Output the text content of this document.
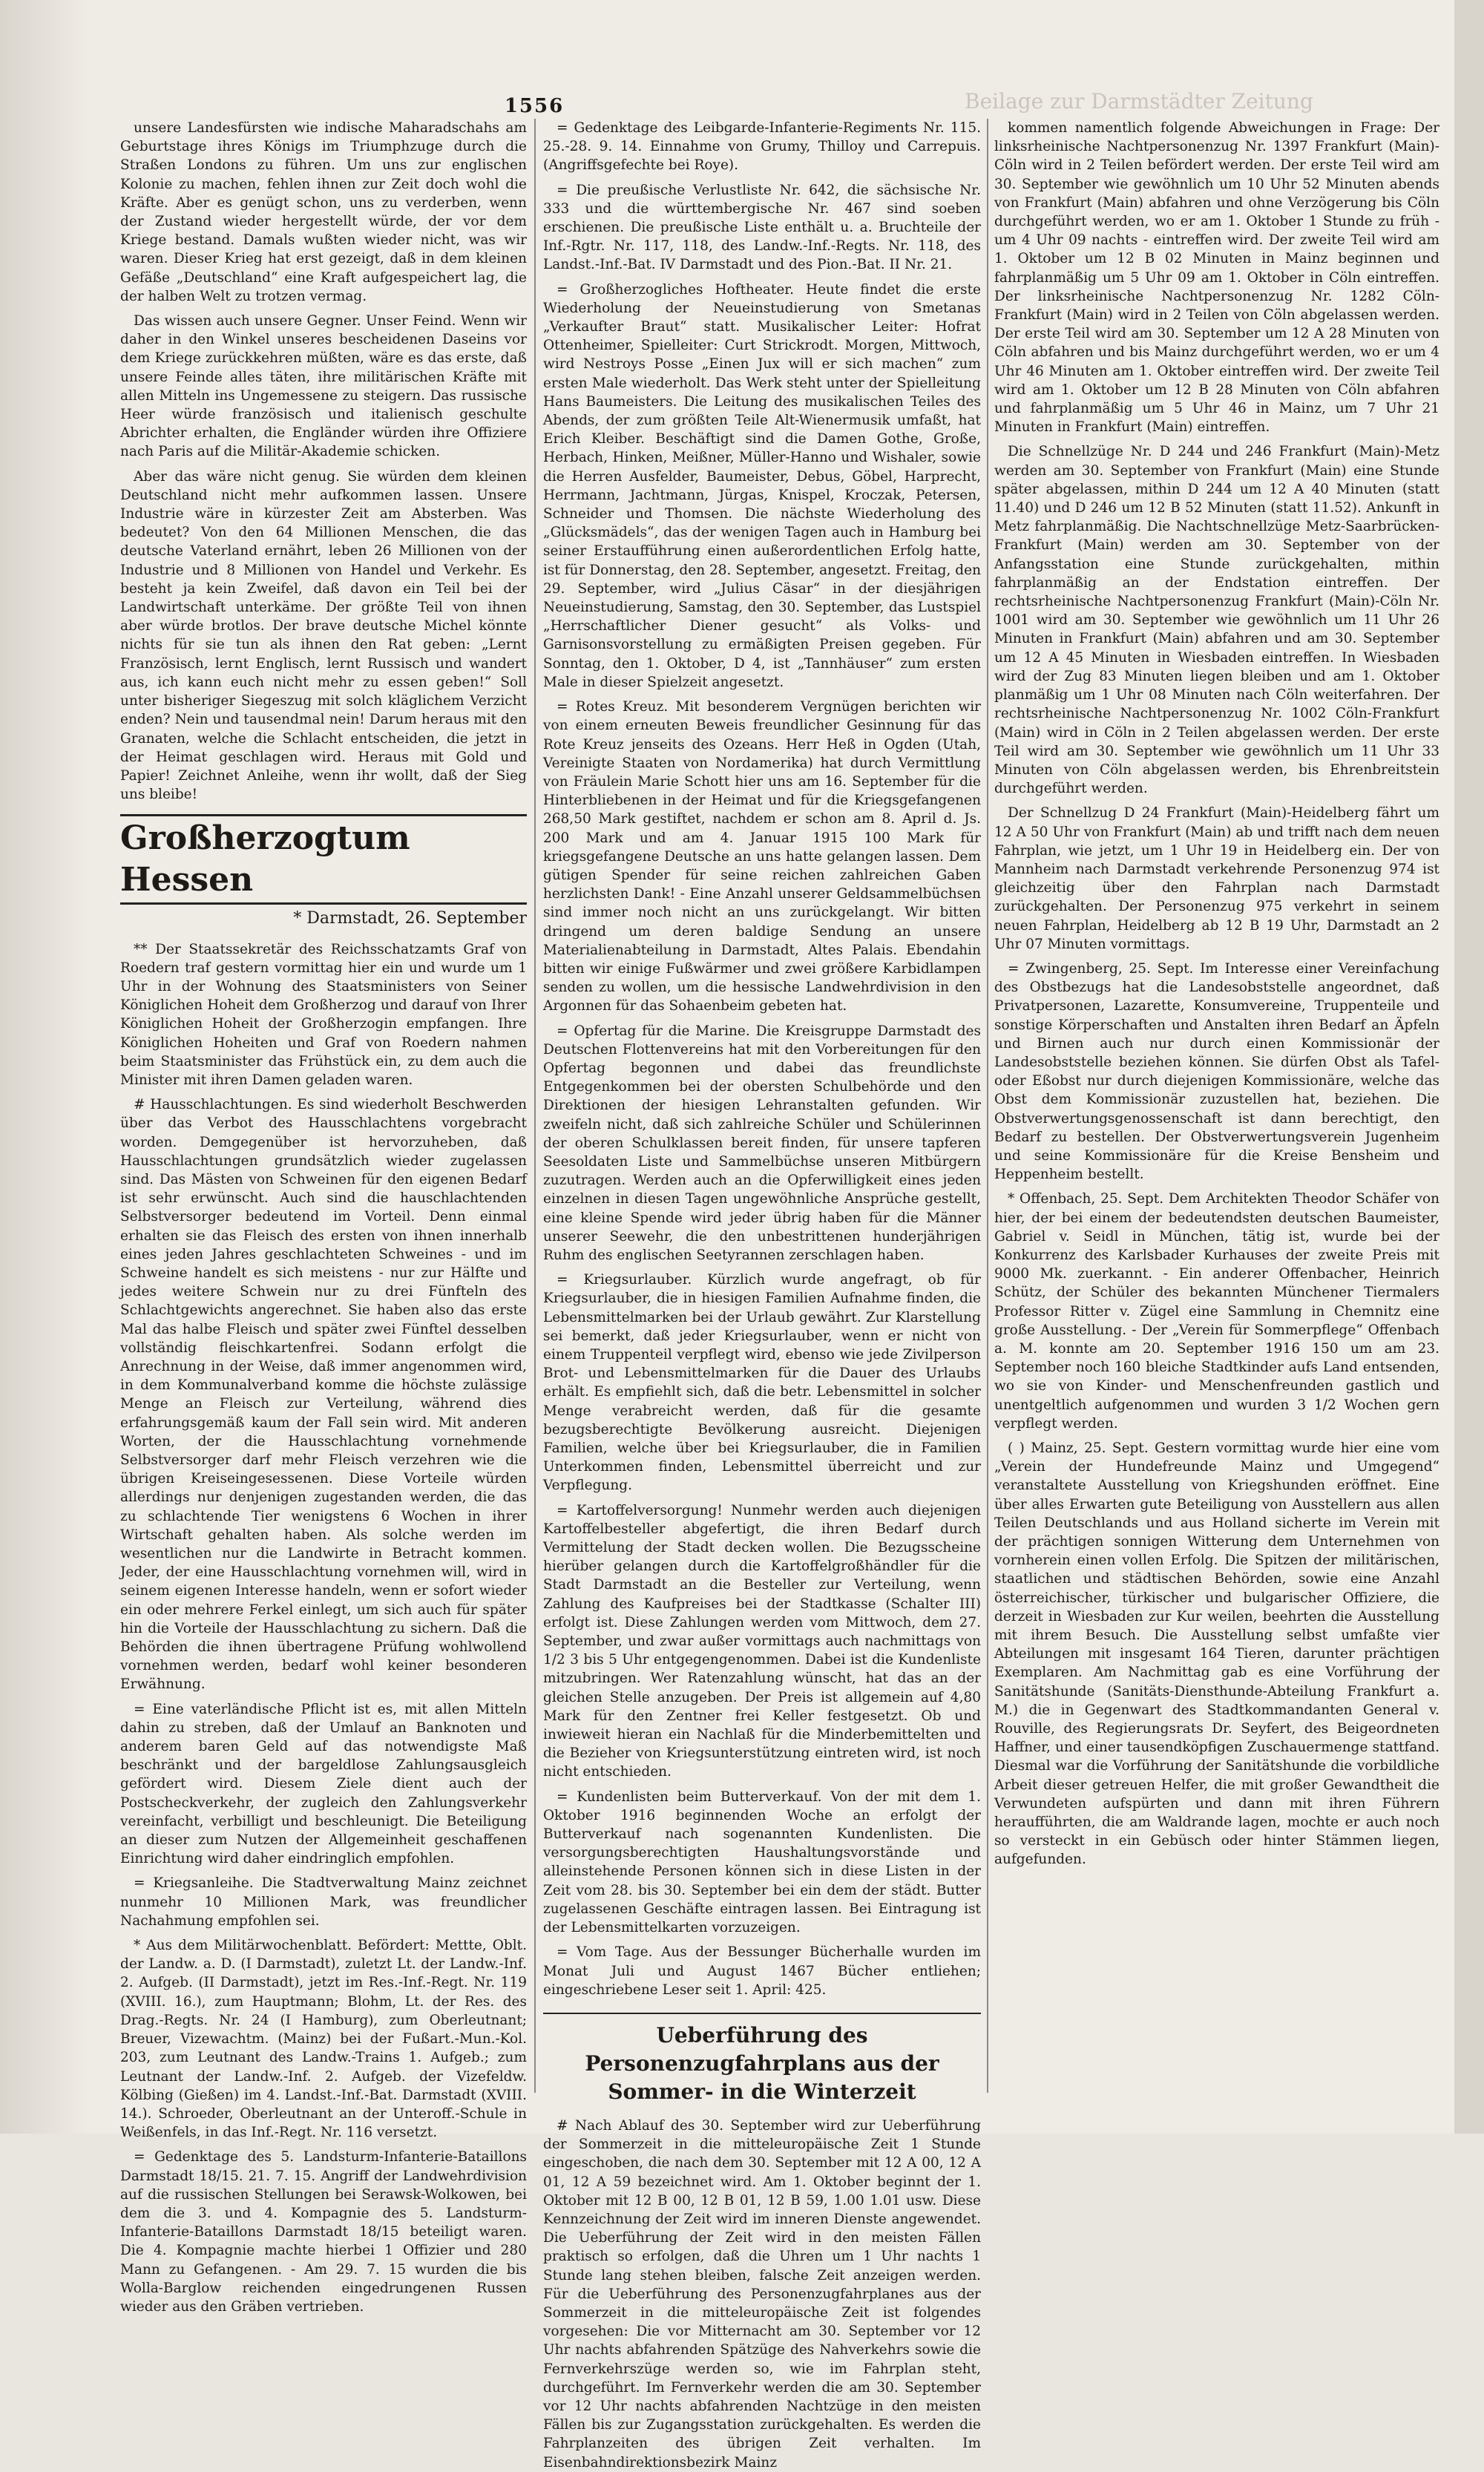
Beilage zur Darmstädter Zeitung
1556

unsere Landesfürsten wie indische Maharadschahs am Geburtstage ihres Königs im Triumphzuge durch die Straßen Londons zu führen. Um uns zur englischen Kolonie zu machen, fehlen ihnen zur Zeit doch wohl die Kräfte. Aber es genügt schon, uns zu verderben, wenn der Zustand wieder hergestellt würde, der vor dem Kriege bestand. Damals wußten wieder nicht, was wir waren. Dieser Krieg hat erst gezeigt, daß in dem kleinen Gefäße „Deutschland“ eine Kraft aufgespeichert lag, die der halben Welt zu trotzen vermag.

Das wissen auch unsere Gegner. Unser Feind. Wenn wir daher in den Winkel unseres bescheidenen Daseins vor dem Kriege zurückkehren müßten, wäre es das erste, daß unsere Feinde alles täten, ihre militärischen Kräfte mit allen Mitteln ins Ungemessene zu steigern. Das russische Heer würde französisch und italienisch geschulte Abrichter erhalten, die Engländer würden ihre Offiziere nach Paris auf die Militär-Akademie schicken.

Aber das wäre nicht genug. Sie würden dem kleinen Deutschland nicht mehr aufkommen lassen. Unsere Industrie wäre in kürzester Zeit am Absterben. Was bedeutet? Von den 64 Millionen Menschen, die das deutsche Vaterland ernährt, leben 26 Millionen von der Industrie und 8 Millionen von Handel und Verkehr. Es besteht ja kein Zweifel, daß davon ein Teil bei der Landwirtschaft unterkäme. Der größte Teil von ihnen aber würde brotlos. Der brave deutsche Michel könnte nichts für sie tun als ihnen den Rat geben: „Lernt Französisch, lernt Englisch, lernt Russisch und wandert aus, ich kann euch nicht mehr zu essen geben!“ Soll unter bisheriger Siegeszug mit solch kläglichem Verzicht enden? Nein und tausendmal nein! Darum heraus mit den Granaten, welche die Schlacht entscheiden, die jetzt in der Heimat geschlagen wird. Heraus mit Gold und Papier! Zeichnet Anleihe, wenn ihr wollt, daß der Sieg uns bleibe!

Großherzogtum Hessen
* Darmstadt, 26. September

** Der Staatssekretär des Reichsschatzamts Graf von Roedern traf gestern vormittag hier ein und wurde um 1 Uhr in der Wohnung des Staatsministers von Seiner Königlichen Hoheit dem Großherzog und darauf von Ihrer Königlichen Hoheit der Großherzogin empfangen. Ihre Königlichen Hoheiten und Graf von Roedern nahmen beim Staatsminister das Frühstück ein, zu dem auch die Minister mit ihren Damen geladen waren.

# Hausschlachtungen. Es sind wiederholt Beschwerden über das Verbot des Hausschlachtens vorgebracht worden. Demgegenüber ist hervorzuheben, daß Hausschlachtungen grundsätzlich wieder zugelassen sind. Das Mästen von Schweinen für den eigenen Bedarf ist sehr erwünscht. Auch sind die hauschlachtenden Selbstversorger bedeutend im Vorteil. Denn einmal erhalten sie das Fleisch des ersten von ihnen innerhalb eines jeden Jahres geschlachteten Schweines - und im Schweine handelt es sich meistens - nur zur Hälfte und jedes weitere Schwein nur zu drei Fünfteln des Schlachtgewichts angerechnet. Sie haben also das erste Mal das halbe Fleisch und später zwei Fünftel desselben vollständig fleischkartenfrei. Sodann erfolgt die Anrechnung in der Weise, daß immer angenommen wird, in dem Kommunalverband komme die höchste zulässige Menge an Fleisch zur Verteilung, während dies erfahrungsgemäß kaum der Fall sein wird. Mit anderen Worten, der die Hausschlachtung vornehmende Selbstversorger darf mehr Fleisch verzehren wie die übrigen Kreiseingesessenen. Diese Vorteile würden allerdings nur denjenigen zugestanden werden, die das zu schlachtende Tier wenigstens 6 Wochen in ihrer Wirtschaft gehalten haben. Als solche werden im wesentlichen nur die Landwirte in Betracht kommen. Jeder, der eine Hausschlachtung vornehmen will, wird in seinem eigenen Interesse handeln, wenn er sofort wieder ein oder mehrere Ferkel einlegt, um sich auch für später hin die Vorteile der Hausschlachtung zu sichern. Daß die Behörden die ihnen übertragene Prüfung wohlwollend vornehmen werden, bedarf wohl keiner besonderen Erwähnung.

= Eine vaterländische Pflicht ist es, mit allen Mitteln dahin zu streben, daß der Umlauf an Banknoten und anderem baren Geld auf das notwendigste Maß beschränkt und der bargeldlose Zahlungsausgleich gefördert wird. Diesem Ziele dient auch der Postscheckverkehr, der zugleich den Zahlungsverkehr vereinfacht, verbilligt und beschleunigt. Die Beteiligung an dieser zum Nutzen der Allgemeinheit geschaffenen Einrichtung wird daher eindringlich empfohlen.

= Kriegsanleihe. Die Stadtverwaltung Mainz zeichnet nunmehr 10 Millionen Mark, was freundlicher Nachahmung empfohlen sei.

* Aus dem Militärwochenblatt. Befördert: Mettte, Oblt. der Landw. a. D. (I Darmstadt), zuletzt Lt. der Landw.-Inf. 2. Aufgeb. (II Darmstadt), jetzt im Res.-Inf.-Regt. Nr. 119 (XVIII. 16.), zum Hauptmann; Blohm, Lt. der Res. des Drag.-Regts. Nr. 24 (I Hamburg), zum Oberleutnant; Breuer, Vizewachtm. (Mainz) bei der Fußart.-Mun.-Kol. 203, zum Leutnant des Landw.-Trains 1. Aufgeb.; zum Leutnant der Landw.-Inf. 2. Aufgeb. der Vizefeldw. Kölbing (Gießen) im 4. Landst.-Inf.-Bat. Darmstadt (XVIII. 14.). Schroeder, Oberleutnant an der Unteroff.-Schule in Weißenfels, in das Inf.-Regt. Nr. 116 versetzt.

= Gedenktage des 5. Landsturm-Infanterie-Bataillons Darmstadt 18/15. 21. 7. 15. Angriff der Landwehrdivision auf die russischen Stellungen bei Serawsk-Wolkowen, bei dem die 3. und 4. Kompagnie des 5. Landsturm-Infanterie-Bataillons Darmstadt 18/15 beteiligt waren. Die 4. Kompagnie machte hierbei 1 Offizier und 280 Mann zu Gefangenen. - Am 29. 7. 15 wurden die bis Wolla-Barglow reichenden eingedrungenen Russen wieder aus den Gräben vertrieben.

= Gedenktage des Leibgarde-Infanterie-Regiments Nr. 115. 25.-28. 9. 14. Einnahme von Grumy, Thilloy und Carrepuis. (Angriffsgefechte bei Roye).

= Die preußische Verlustliste Nr. 642, die sächsische Nr. 333 und die württembergische Nr. 467 sind soeben erschienen. Die preußische Liste enthält u. a. Bruchteile der Inf.-Rgtr. Nr. 117, 118, des Landw.-Inf.-Regts. Nr. 118, des Landst.-Inf.-Bat. IV Darmstadt und des Pion.-Bat. II Nr. 21.

= Großherzogliches Hoftheater. Heute findet die erste Wiederholung der Neueinstudierung von Smetanas „Verkaufter Braut“ statt. Musikalischer Leiter: Hofrat Ottenheimer, Spielleiter: Curt Strickrodt. Morgen, Mittwoch, wird Nestroys Posse „Einen Jux will er sich machen“ zum ersten Male wiederholt. Das Werk steht unter der Spielleitung Hans Baumeisters. Die Leitung des musikalischen Teiles des Abends, der zum größten Teile Alt-Wienermusik umfaßt, hat Erich Kleiber. Beschäftigt sind die Damen Gothe, Große, Herbach, Hinken, Meißner, Müller-Hanno und Wishaler, sowie die Herren Ausfelder, Baumeister, Debus, Göbel, Harprecht, Herrmann, Jachtmann, Jürgas, Knispel, Kroczak, Petersen, Schneider und Thomsen. Die nächste Wiederholung des „Glücksmädels“, das der wenigen Tagen auch in Hamburg bei seiner Erstaufführung einen außerordentlichen Erfolg hatte, ist für Donnerstag, den 28. September, angesetzt. Freitag, den 29. September, wird „Julius Cäsar“ in der diesjährigen Neueinstudierung, Samstag, den 30. September, das Lustspiel „Herrschaftlicher Diener gesucht“ als Volks- und Garnisonsvorstellung zu ermäßigten Preisen gegeben. Für Sonntag, den 1. Oktober, D 4, ist „Tannhäuser“ zum ersten Male in dieser Spielzeit angesetzt.

= Rotes Kreuz. Mit besonderem Vergnügen berichten wir von einem erneuten Beweis freundlicher Gesinnung für das Rote Kreuz jenseits des Ozeans. Herr Heß in Ogden (Utah, Vereinigte Staaten von Nordamerika) hat durch Vermittlung von Fräulein Marie Schott hier uns am 16. September für die Hinterbliebenen in der Heimat und für die Kriegsgefangenen 268,50 Mark gestiftet, nachdem er schon am 8. April d. Js. 200 Mark und am 4. Januar 1915 100 Mark für kriegsgefangene Deutsche an uns hatte gelangen lassen. Dem gütigen Spender für seine reichen zahlreichen Gaben herzlichsten Dank! - Eine Anzahl unserer Geldsammelbüchsen sind immer noch nicht an uns zurückgelangt. Wir bitten dringend um deren baldige Sendung an unsere Materialienabteilung in Darmstadt, Altes Palais. Ebendahin bitten wir einige Fußwärmer und zwei größere Karbidlampen senden zu wollen, um die hessische Landwehrdivision in den Argonnen für das Sohaenbeim gebeten hat.

= Opfertag für die Marine. Die Kreisgruppe Darmstadt des Deutschen Flottenvereins hat mit den Vorbereitungen für den Opfertag begonnen und dabei das freundlichste Entgegenkommen bei der obersten Schulbehörde und den Direktionen der hiesigen Lehranstalten gefunden. Wir zweifeln nicht, daß sich zahlreiche Schüler und Schülerinnen der oberen Schulklassen bereit finden, für unsere tapferen Seesoldaten Liste und Sammelbüchse unseren Mitbürgern zuzutragen. Werden auch an die Opferwilligkeit eines jeden einzelnen in diesen Tagen ungewöhnliche Ansprüche gestellt, eine kleine Spende wird jeder übrig haben für die Männer unserer Seewehr, die den unbestrittenen hunderjährigen Ruhm des englischen Seetyrannen zerschlagen haben.

= Kriegsurlauber. Kürzlich wurde angefragt, ob für Kriegsurlauber, die in hiesigen Familien Aufnahme finden, die Lebensmittelmarken bei der Urlaub gewährt. Zur Klarstellung sei bemerkt, daß jeder Kriegsurlauber, wenn er nicht von einem Truppenteil verpflegt wird, ebenso wie jede Zivilperson Brot- und Lebensmittelmarken für die Dauer des Urlaubs erhält. Es empfiehlt sich, daß die betr. Lebensmittel in solcher Menge verabreicht werden, daß für die gesamte bezugsberechtigte Bevölkerung ausreicht. Diejenigen Familien, welche über bei Kriegsurlauber, die in Familien Unterkommen finden, Lebensmittel überreicht und zur Verpflegung.

= Kartoffelversorgung! Nunmehr werden auch diejenigen Kartoffelbesteller abgefertigt, die ihren Bedarf durch Vermittelung der Stadt decken wollen. Die Bezugsscheine hierüber gelangen durch die Kartoffelgroßhändler für die Stadt Darmstadt an die Besteller zur Verteilung, wenn Zahlung des Kaufpreises bei der Stadtkasse (Schalter III) erfolgt ist. Diese Zahlungen werden vom Mittwoch, dem 27. September, und zwar außer vormittags auch nachmittags von 1/2 3 bis 5 Uhr entgegengenommen. Dabei ist die Kundenliste mitzubringen. Wer Ratenzahlung wünscht, hat das an der gleichen Stelle anzugeben. Der Preis ist allgemein auf 4,80 Mark für den Zentner frei Keller festgesetzt. Ob und inwieweit hieran ein Nachlaß für die Minderbemittelten und die Bezieher von Kriegsunterstützung eintreten wird, ist noch nicht entschieden.

= Kundenlisten beim Butterverkauf. Von der mit dem 1. Oktober 1916 beginnenden Woche an erfolgt der Butterverkauf nach sogenannten Kundenlisten. Die versorgungsberechtigten Haushaltungsvorstände und alleinstehende Personen können sich in diese Listen in der Zeit vom 28. bis 30. September bei ein dem der städt. Butter zugelassenen Geschäfte eintragen lassen. Bei Eintragung ist der Lebensmittelkarten vorzuzeigen.

= Vom Tage. Aus der Bessunger Bücherhalle wurden im Monat Juli und August 1467 Bücher entliehen; eingeschriebene Leser seit 1. April: 425.

Ueberführung des Personenzugfahrplans aus der Sommer- in die Winterzeit

# Nach Ablauf des 30. September wird zur Ueberführung der Sommerzeit in die mitteleuropäische Zeit 1 Stunde eingeschoben, die nach dem 30. September mit 12 A 00, 12 A 01, 12 A 59 bezeichnet wird. Am 1. Oktober beginnt der 1. Oktober mit 12 B 00, 12 B 01, 12 B 59, 1.00 1.01 usw. Diese Kennzeichnung der Zeit wird im inneren Dienste angewendet. Die Ueberführung der Zeit wird in den meisten Fällen praktisch so erfolgen, daß die Uhren um 1 Uhr nachts 1 Stunde lang stehen bleiben, falsche Zeit anzeigen werden. Für die Ueberführung des Personenzugfahrplanes aus der Sommerzeit in die mitteleuropäische Zeit ist folgendes vorgesehen: Die vor Mitternacht am 30. September vor 12 Uhr nachts abfahrenden Spätzüge des Nahverkehrs sowie die Fernverkehrszüge werden so, wie im Fahrplan steht, durchgeführt. Im Fernverkehr werden die am 30. September vor 12 Uhr nachts abfahrenden Nachtzüge in den meisten Fällen bis zur Zugangsstation zurückgehalten. Es werden die Fahrplanzeiten des übrigen Zeit verhalten. Im Eisenbahndirektionsbezirk Mainz

kommen namentlich folgende Abweichungen in Frage: Der linksrheinische Nachtpersonenzug Nr. 1397 Frankfurt (Main)-Cöln wird in 2 Teilen befördert werden. Der erste Teil wird am 30. September wie gewöhnlich um 10 Uhr 52 Minuten abends von Frankfurt (Main) abfahren und ohne Verzögerung bis Cöln durchgeführt werden, wo er am 1. Oktober 1 Stunde zu früh - um 4 Uhr 09 nachts - eintreffen wird. Der zweite Teil wird am 1. Oktober um 12 B 02 Minuten in Mainz beginnen und fahrplanmäßig um 5 Uhr 09 am 1. Oktober in Cöln eintreffen. Der linksrheinische Nachtpersonenzug Nr. 1282 Cöln-Frankfurt (Main) wird in 2 Teilen von Cöln abgelassen werden. Der erste Teil wird am 30. September um 12 A 28 Minuten von Cöln abfahren und bis Mainz durchgeführt werden, wo er um 4 Uhr 46 Minuten am 1. Oktober eintreffen wird. Der zweite Teil wird am 1. Oktober um 12 B 28 Minuten von Cöln abfahren und fahrplanmäßig um 5 Uhr 46 in Mainz, um 7 Uhr 21 Minuten in Frankfurt (Main) eintreffen.

Die Schnellzüge Nr. D 244 und 246 Frankfurt (Main)-Metz werden am 30. September von Frankfurt (Main) eine Stunde später abgelassen, mithin D 244 um 12 A 40 Minuten (statt 11.40) und D 246 um 12 B 52 Minuten (statt 11.52). Ankunft in Metz fahrplanmäßig. Die Nachtschnellzüge Metz-Saarbrücken-Frankfurt (Main) werden am 30. September von der Anfangsstation eine Stunde zurückgehalten, mithin fahrplanmäßig an der Endstation eintreffen. Der rechtsrheinische Nachtpersonenzug Frankfurt (Main)-Cöln Nr. 1001 wird am 30. September wie gewöhnlich um 11 Uhr 26 Minuten in Frankfurt (Main) abfahren und am 30. September um 12 A 45 Minuten in Wiesbaden eintreffen. In Wiesbaden wird der Zug 83 Minuten liegen bleiben und am 1. Oktober planmäßig um 1 Uhr 08 Minuten nach Cöln weiterfahren. Der rechtsrheinische Nachtpersonenzug Nr. 1002 Cöln-Frankfurt (Main) wird in Cöln in 2 Teilen abgelassen werden. Der erste Teil wird am 30. September wie gewöhnlich um 11 Uhr 33 Minuten von Cöln abgelassen werden, bis Ehrenbreitstein durchgeführt werden.

Der Schnellzug D 24 Frankfurt (Main)-Heidelberg fährt um 12 A 50 Uhr von Frankfurt (Main) ab und trifft nach dem neuen Fahrplan, wie jetzt, um 1 Uhr 19 in Heidelberg ein. Der von Mannheim nach Darmstadt verkehrende Personenzug 974 ist gleichzeitig über den Fahrplan nach Darmstadt zurückgehalten. Der Personenzug 975 verkehrt in seinem neuen Fahrplan, Heidelberg ab 12 B 19 Uhr, Darmstadt an 2 Uhr 07 Minuten vormittags.

= Zwingenberg, 25. Sept. Im Interesse einer Vereinfachung des Obstbezugs hat die Landesobststelle angeordnet, daß Privatpersonen, Lazarette, Konsumvereine, Truppenteile und sonstige Körperschaften und Anstalten ihren Bedarf an Äpfeln und Birnen auch nur durch einen Kommissionär der Landesobststelle beziehen können. Sie dürfen Obst als Tafel- oder Eßobst nur durch diejenigen Kommissionäre, welche das Obst dem Kommissionär zuzustellen hat, beziehen. Die Obstverwertungsgenossenschaft ist dann berechtigt, den Bedarf zu bestellen. Der Obstverwertungsverein Jugenheim und seine Kommissionäre für die Kreise Bensheim und Heppenheim bestellt.

* Offenbach, 25. Sept. Dem Architekten Theodor Schäfer von hier, der bei einem der bedeutendsten deutschen Baumeister, Gabriel v. Seidl in München, tätig ist, wurde bei der Konkurrenz des Karlsbader Kurhauses der zweite Preis mit 9000 Mk. zuerkannt. - Ein anderer Offenbacher, Heinrich Schütz, der Schüler des bekannten Münchener Tiermalers Professor Ritter v. Zügel eine Sammlung in Chemnitz eine große Ausstellung. - Der „Verein für Sommerpflege“ Offenbach a. M. konnte am 20. September 1916 150 um am 23. September noch 160 bleiche Stadtkinder aufs Land entsenden, wo sie von Kinder- und Menschenfreunden gastlich und unentgeltlich aufgenommen und wurden 3 1/2 Wochen gern verpflegt werden.

( ) Mainz, 25. Sept. Gestern vormittag wurde hier eine vom „Verein der Hundefreunde Mainz und Umgegend“ veranstaltete Ausstellung von Kriegshunden eröffnet. Eine über alles Erwarten gute Beteiligung von Ausstellern aus allen Teilen Deutschlands und aus Holland sicherte im Verein mit der prächtigen sonnigen Witterung dem Unternehmen von vornherein einen vollen Erfolg. Die Spitzen der militärischen, staatlichen und städtischen Behörden, sowie eine Anzahl österreichischer, türkischer und bulgarischer Offiziere, die derzeit in Wiesbaden zur Kur weilen, beehrten die Ausstellung mit ihrem Besuch. Die Ausstellung selbst umfaßte vier Abteilungen mit insgesamt 164 Tieren, darunter prächtigen Exemplaren. Am Nachmittag gab es eine Vorführung der Sanitätshunde (Sanitäts-Diensthunde-Abteilung Frankfurt a. M.) die in Gegenwart des Stadtkommandanten General v. Rouville, des Regierungsrats Dr. Seyfert, des Beigeordneten Haffner, und einer tausendköpfigen Zuschauermenge stattfand. Diesmal war die Vorführung der Sanitätshunde die vorbildliche Arbeit dieser getreuen Helfer, die mit großer Gewandtheit die Verwundeten aufspürten und dann mit ihren Führern heraufführten, die am Waldrande lagen, mochte er auch noch so versteckt in ein Gebüsch oder hinter Stämmen liegen, aufgefunden.
